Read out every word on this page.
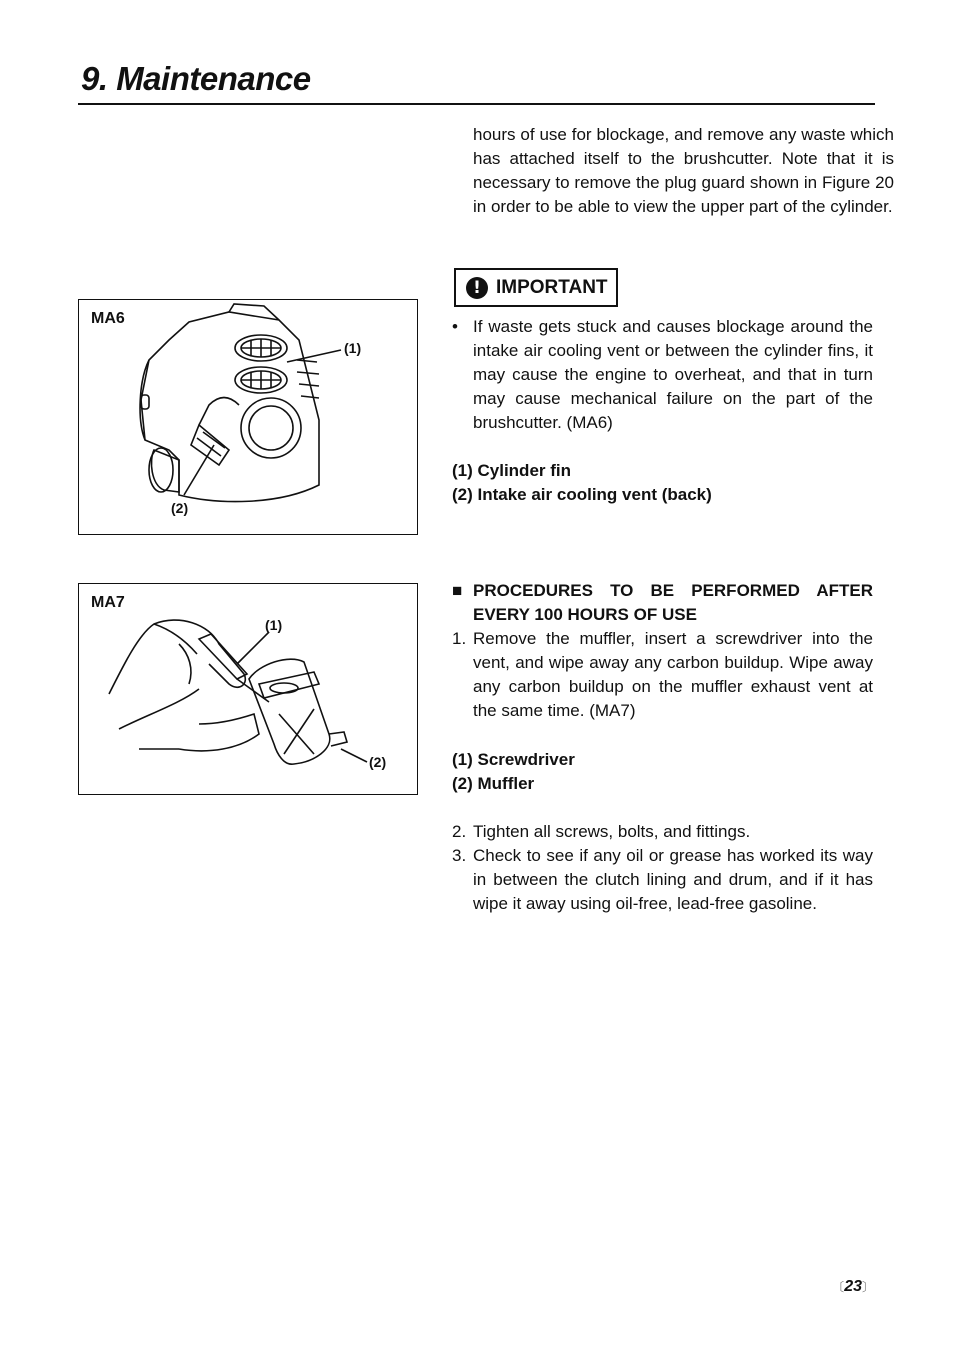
9. Maintenance
hours of use for blockage, and remove any waste which has attached itself to the brushcutter. Note that it is necessary to remove the plug guard shown in Figure 20 in order to be able to view the upper part of the cylinder.
! IMPORTANT
• If waste gets stuck and causes blockage around the intake air cooling vent or between the cylinder fins, it may cause the engine to overheat, and that in turn may cause mechanical failure on the part of the brushcutter. (MA6)
(1) Cylinder fin
(2) Intake air cooling vent (back)
MA6
(1)
(2)
■ PROCEDURES TO BE PERFORMED AFTER EVERY 100 HOURS OF USE
1. Remove the muffler, insert a screwdriver into the vent, and wipe away any carbon buildup. Wipe away any carbon buildup on the muffler exhaust vent at the same time. (MA7)
(1) Screwdriver
(2) Muffler
2. Tighten all screws, bolts, and fittings.
3. Check to see if any oil or grease has worked its way in between the clutch lining and drum, and if it has wipe it away using oil-free, lead-free gasoline.
MA7
(1)
(2)
〔23〕
